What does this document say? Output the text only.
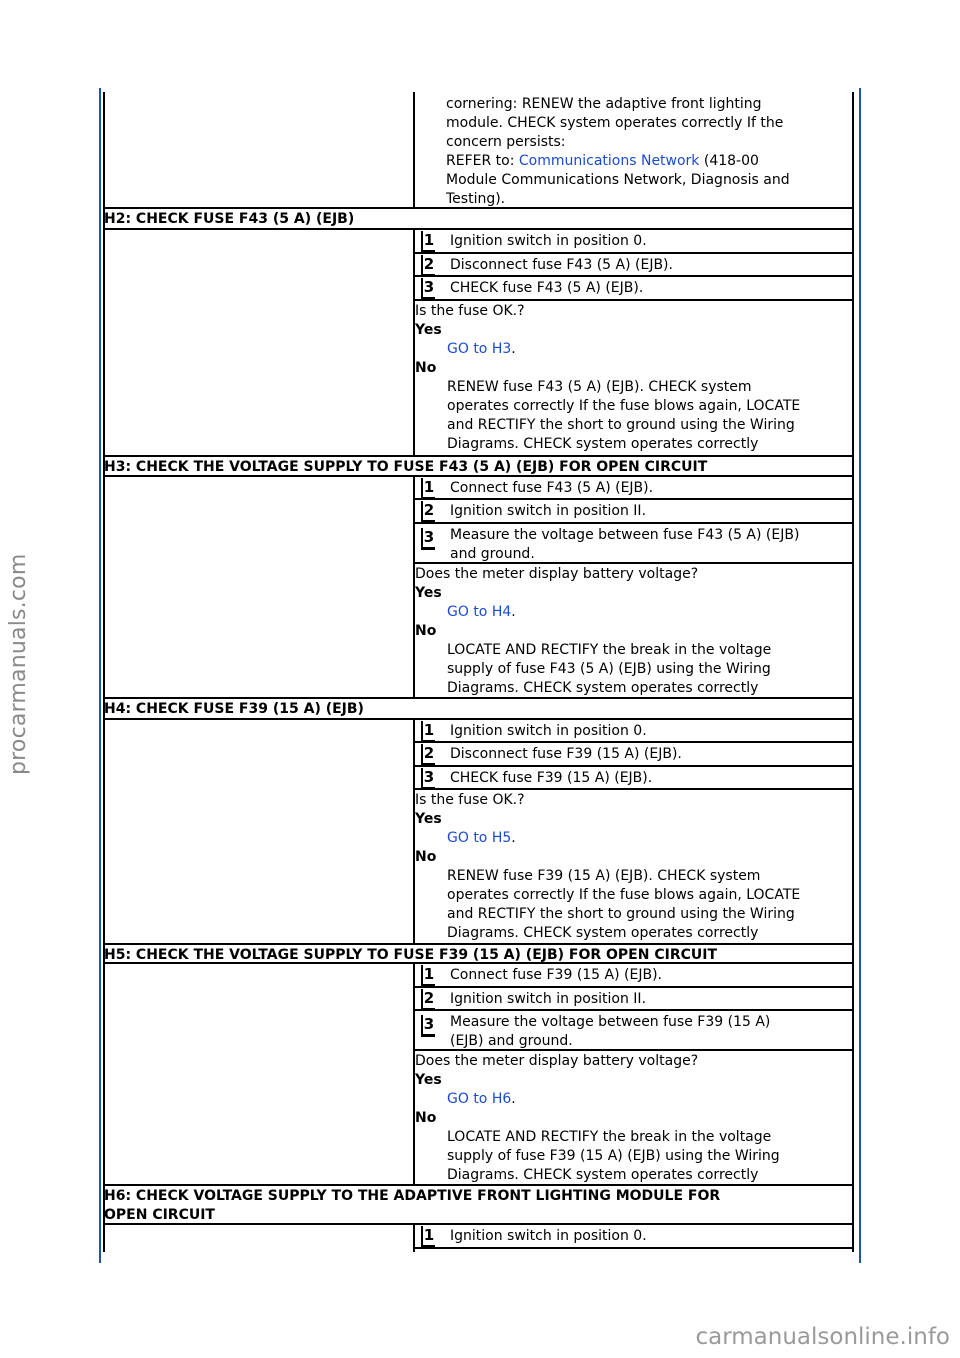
procarmanuals.com
carmanualsonline.info
cornering: RENEW the adaptive front lighting
module. CHECK system operates correctly If the
concern persists:
REFER to: Communications Network (418-00
Module Communications Network, Diagnosis and
Testing).
H2: CHECK FUSE F43 (5 A) (EJB)
1 Ignition switch in position 0.
2 Disconnect fuse F43 (5 A) (EJB).
3 CHECK fuse F43 (5 A) (EJB).
Is the fuse OK.?
Yes
GO to H3.
No
RENEW fuse F43 (5 A) (EJB). CHECK system
operates correctly If the fuse blows again, LOCATE
and RECTIFY the short to ground using the Wiring
Diagrams. CHECK system operates correctly
H3: CHECK THE VOLTAGE SUPPLY TO FUSE F43 (5 A) (EJB) FOR OPEN CIRCUIT
1 Connect fuse F43 (5 A) (EJB).
2 Ignition switch in position II.
3 Measure the voltage between fuse F43 (5 A) (EJB)
and ground.
Does the meter display battery voltage?
Yes
GO to H4.
No
LOCATE AND RECTIFY the break in the voltage
supply of fuse F43 (5 A) (EJB) using the Wiring
Diagrams. CHECK system operates correctly
H4: CHECK FUSE F39 (15 A) (EJB)
1 Ignition switch in position 0.
2 Disconnect fuse F39 (15 A) (EJB).
3 CHECK fuse F39 (15 A) (EJB).
Is the fuse OK.?
Yes
GO to H5.
No
RENEW fuse F39 (15 A) (EJB). CHECK system
operates correctly If the fuse blows again, LOCATE
and RECTIFY the short to ground using the Wiring
Diagrams. CHECK system operates correctly
H5: CHECK THE VOLTAGE SUPPLY TO FUSE F39 (15 A) (EJB) FOR OPEN CIRCUIT
1 Connect fuse F39 (15 A) (EJB).
2 Ignition switch in position II.
3 Measure the voltage between fuse F39 (15 A)
(EJB) and ground.
Does the meter display battery voltage?
Yes
GO to H6.
No
LOCATE AND RECTIFY the break in the voltage
supply of fuse F39 (15 A) (EJB) using the Wiring
Diagrams. CHECK system operates correctly
H6: CHECK VOLTAGE SUPPLY TO THE ADAPTIVE FRONT LIGHTING MODULE FOR
OPEN CIRCUIT
1 Ignition switch in position 0.
